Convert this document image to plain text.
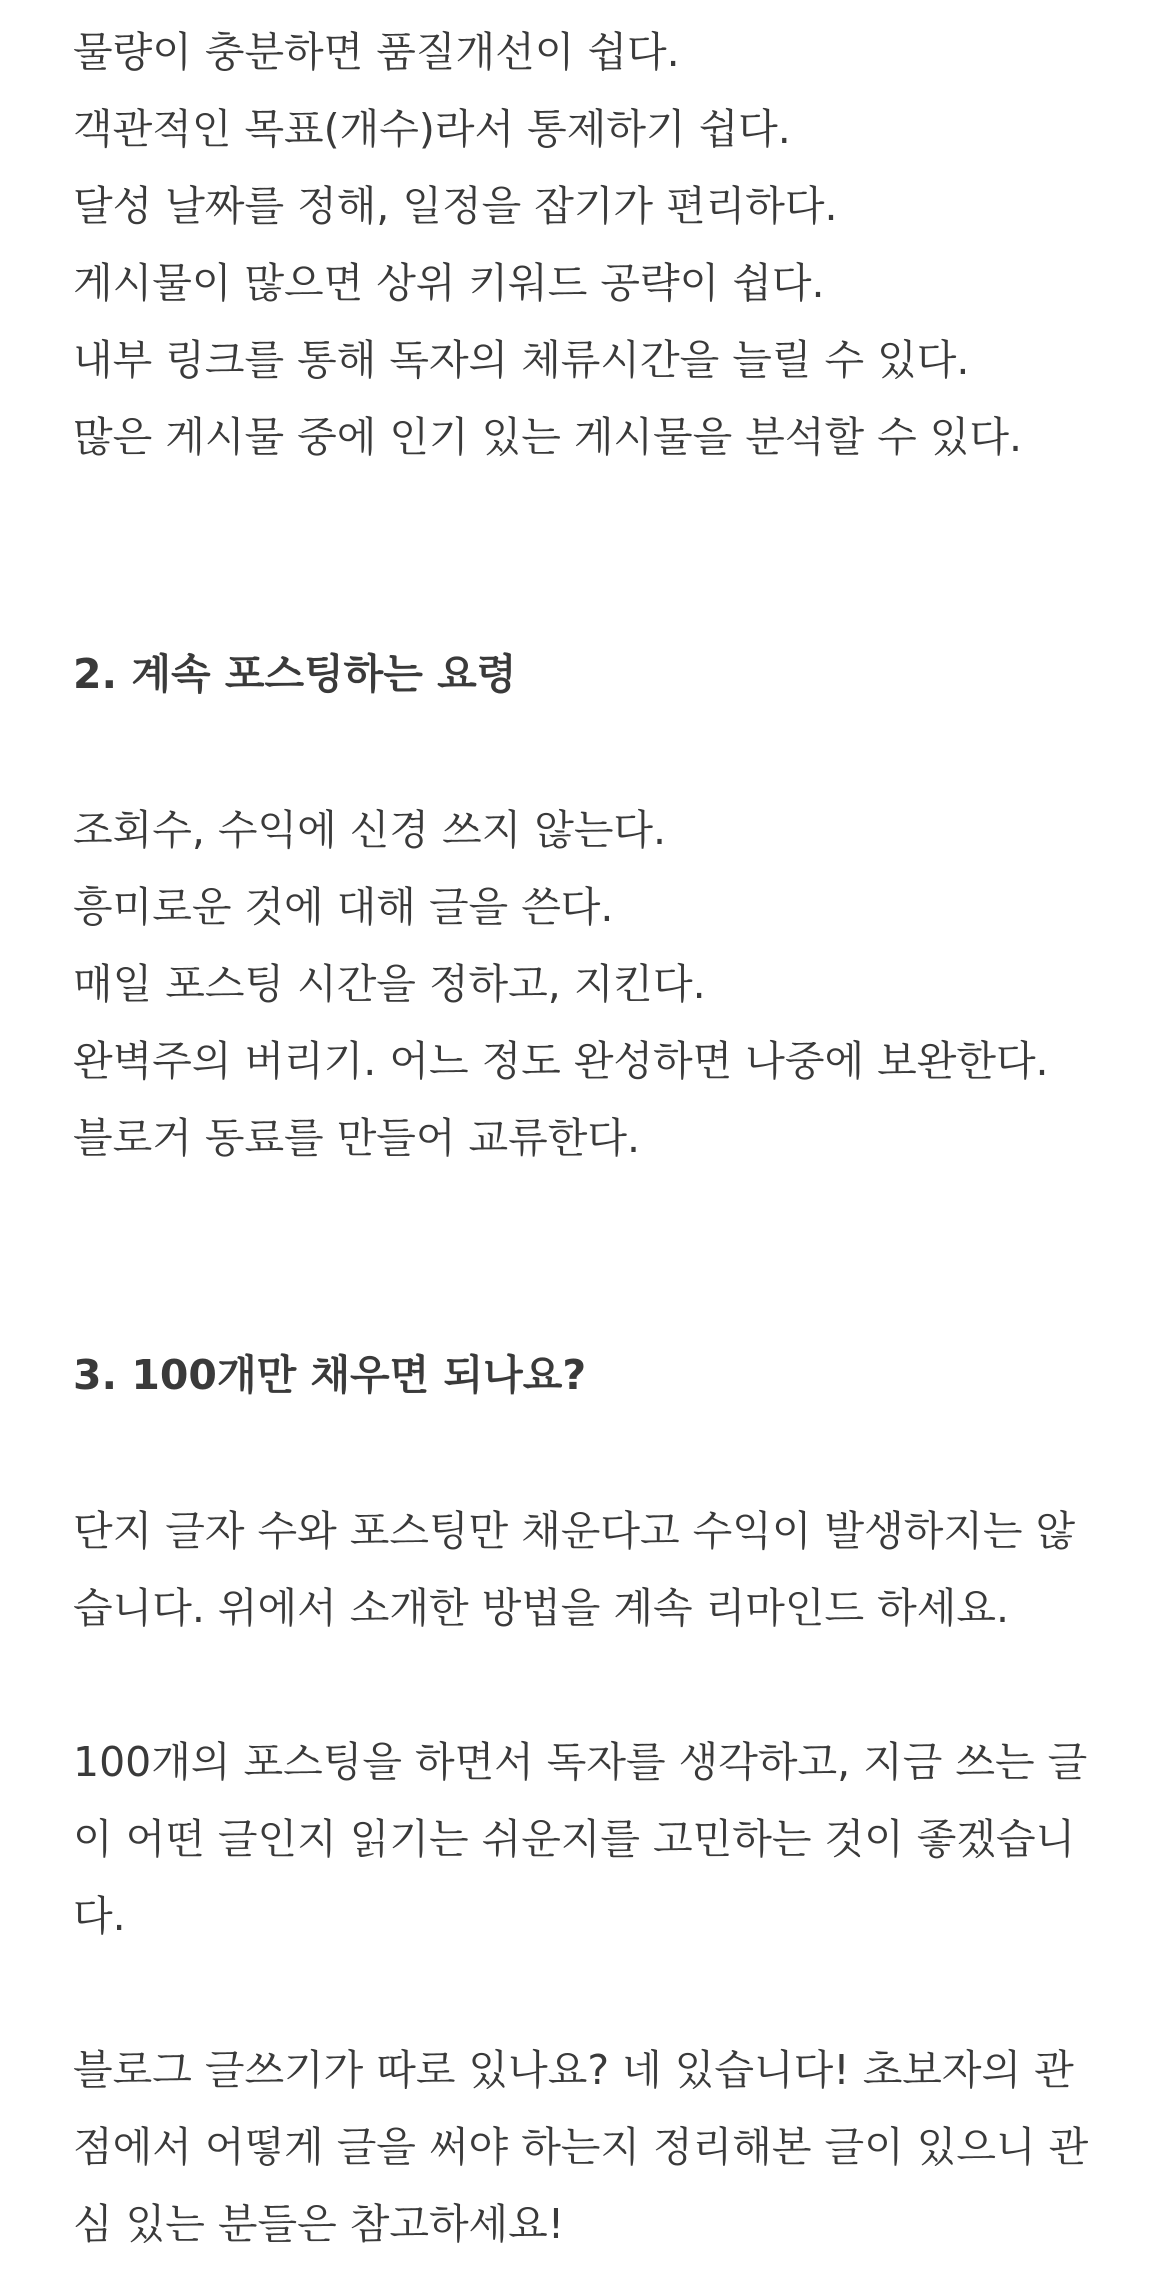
물량이 충분하면 품질개선이 쉽다.

객관적인 목표(개수)라서 통제하기 쉽다.

달성 날짜를 정해, 일정을 잡기가 편리하다.

게시물이 많으면 상위 키워드 공략이 쉽다.

내부 링크를 통해 독자의 체류시간을 늘릴 수 있다.

많은 게시물 중에 인기 있는 게시물을 분석할 수 있다.

2. 계속 포스팅하는 요령

조회수, 수익에 신경 쓰지 않는다.

흥미로운 것에 대해 글을 쓴다.

매일 포스팅 시간을 정하고, 지킨다.

완벽주의 버리기. 어느 정도 완성하면 나중에 보완한다.

블로거 동료를 만들어 교류한다.

3. 100개만 채우면 되나요?

단지 글자 수와 포스팅만 채운다고 수익이 발생하지는 않습니다. 위에서 소개한 방법을 계속 리마인드 하세요.

100개의 포스팅을 하면서 독자를 생각하고, 지금 쓰는 글이 어떤 글인지 읽기는 쉬운지를 고민하는 것이 좋겠습니다.

블로그 글쓰기가 따로 있나요? 네 있습니다! 초보자의 관점에서 어떻게 글을 써야 하는지 정리해본 글이 있으니 관심 있는 분들은 참고하세요!
